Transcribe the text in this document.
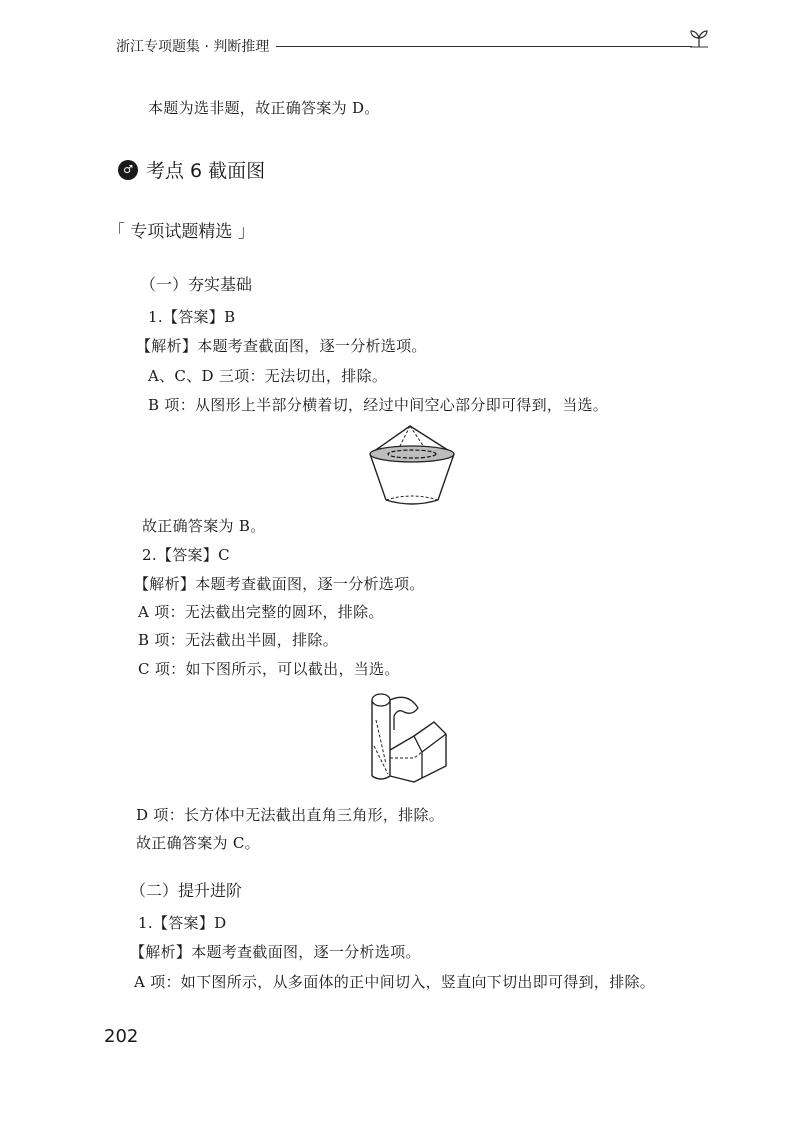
浙江专项题集 · 判断推理
本题为选非题，故正确答案为 D。
♂ 考点 6 截面图
「 专项试题精选 」
（一）夯实基础
1.【答案】B
【解析】本题考查截面图，逐一分析选项。
A、C、D 三项：无法切出，排除。
B 项：从图形上半部分横着切，经过中间空心部分即可得到，当选。
故正确答案为 B。
2.【答案】C
【解析】本题考查截面图，逐一分析选项。
A 项：无法截出完整的圆环，排除。
B 项：无法截出半圆，排除。
C 项：如下图所示，可以截出，当选。
D 项：长方体中无法截出直角三角形，排除。
故正确答案为 C。
（二）提升进阶
1.【答案】D
【解析】本题考查截面图，逐一分析选项。
A 项：如下图所示，从多面体的正中间切入，竖直向下切出即可得到，排除。
202
